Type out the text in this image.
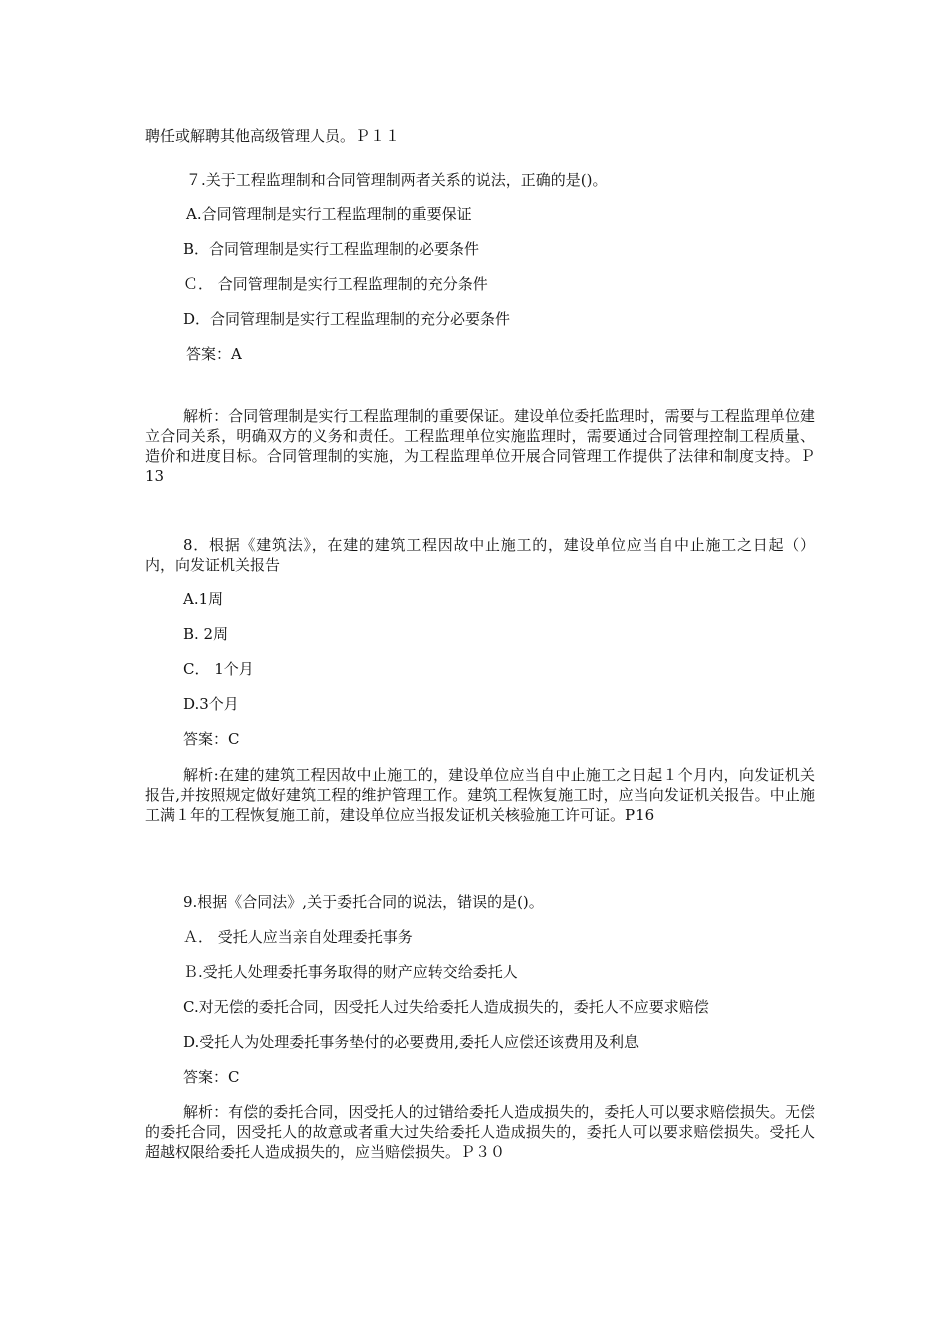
聘任或解聘其他高级管理人员。Ｐ１１

７.关于工程监理制和合同管理制两者关系的说法，正确的是()。

A.合同管理制是实行工程监理制的重要保证

B．合同管理制是实行工程监理制的必要条件

Ｃ． 合同管理制是实行工程监理制的充分条件

D．合同管理制是实行工程监理制的充分必要条件

答案：A

解析：合同管理制是实行工程监理制的重要保证。建设单位委托监理时，需要与工程监理单位建立合同关系，明确双方的义务和责任。工程监理单位实施监理时，需要通过合同管理控制工程质量、造价和进度目标。合同管理制的实施，为工程监理单位开展合同管理工作提供了法律和制度支持。Ｐ13

8．根据《建筑法》，在建的建筑工程因故中止施工的，建设单位应当自中止施工之日起（）内，向发证机关报告

A.1周

B. 2周

C． 1个月

D.3个月

答案：C

解析:在建的建筑工程因故中止施工的，建设单位应当自中止施工之日起１个月内，向发证机关报告,并按照规定做好建筑工程的维护管理工作。建筑工程恢复施工时，应当向发证机关报告。中止施工满１年的工程恢复施工前，建设单位应当报发证机关核验施工许可证。P16

9.根据《合同法》,关于委托合同的说法，错误的是()。

Ａ． 受托人应当亲自处理委托事务

Ｂ.受托人处理委托事务取得的财产应转交给委托人

C.对无偿的委托合同，因受托人过失给委托人造成损失的，委托人不应要求赔偿

D.受托人为处理委托事务垫付的必要费用,委托人应偿还该费用及利息

答案：C

解析：有偿的委托合同，因受托人的过错给委托人造成损失的，委托人可以要求赔偿损失。无偿的委托合同，因受托人的故意或者重大过失给委托人造成损失的，委托人可以要求赔偿损失。受托人超越权限给委托人造成损失的，应当赔偿损失。Ｐ３０
